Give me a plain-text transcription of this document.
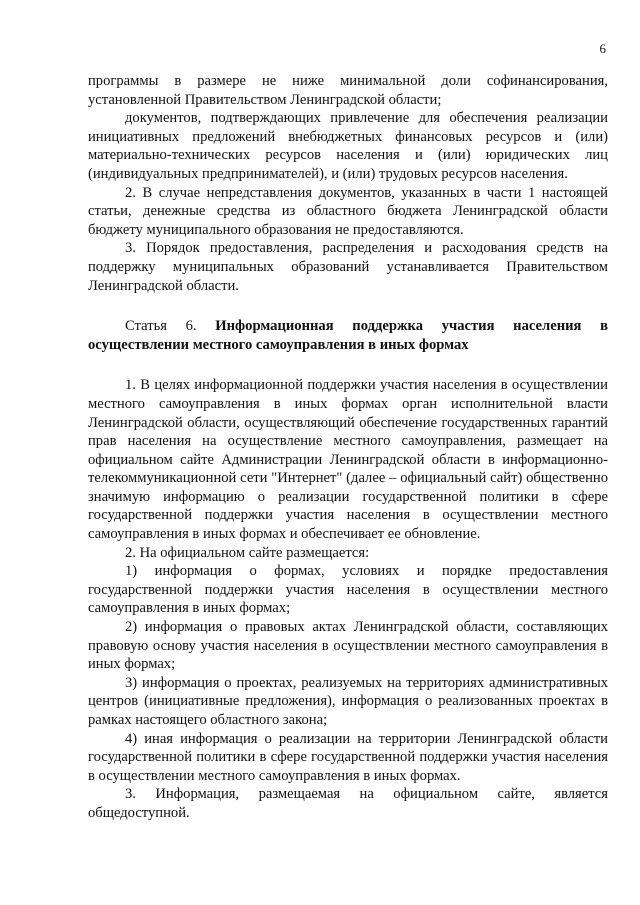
6

программы в размере не ниже минимальной доли софинансирования, установленной Правительством Ленинградской области;

документов, подтверждающих привлечение для обеспечения реализации инициативных предложений внебюджетных финансовых ресурсов и (или) материально-технических ресурсов населения и (или) юридических лиц (индивидуальных предпринимателей), и (или) трудовых ресурсов населения.

2. В случае непредставления документов, указанных в части 1 настоящей статьи, денежные средства из областного бюджета Ленинградской области бюджету муниципального образования не предоставляются.

3. Порядок предоставления, распределения и расходования средств на поддержку муниципальных образований устанавливается Правительством Ленинградской области.

Статья 6. Информационная поддержка участия населения в осуществлении местного самоуправления в иных формах

1. В целях информационной поддержки участия населения в осуществлении местного самоуправления в иных формах орган исполнительной власти Ленинградской области, осуществляющий обеспечение государственных гарантий прав населения на осуществление местного самоуправления, размещает на официальном сайте Администрации Ленинградской области в информационно-телекоммуникационной сети "Интернет" (далее – официальный сайт) общественно значимую информацию о реализации государственной политики в сфере государственной поддержки участия населения в осуществлении местного самоуправления в иных формах и обеспечивает ее обновление.

2. На официальном сайте размещается:

1) информация о формах, условиях и порядке предоставления государственной поддержки участия населения в осуществлении местного самоуправления в иных формах;

2) информация о правовых актах Ленинградской области, составляющих правовую основу участия населения в осуществлении местного самоуправления в иных формах;

3) информация о проектах, реализуемых на территориях административных центров (инициативные предложения), информация о реализованных проектах в рамках настоящего областного закона;

4) иная информация о реализации на территории Ленинградской области государственной политики в сфере государственной поддержки участия населения в осуществлении местного самоуправления в иных формах.

3. Информация, размещаемая на официальном сайте, является общедоступной.
